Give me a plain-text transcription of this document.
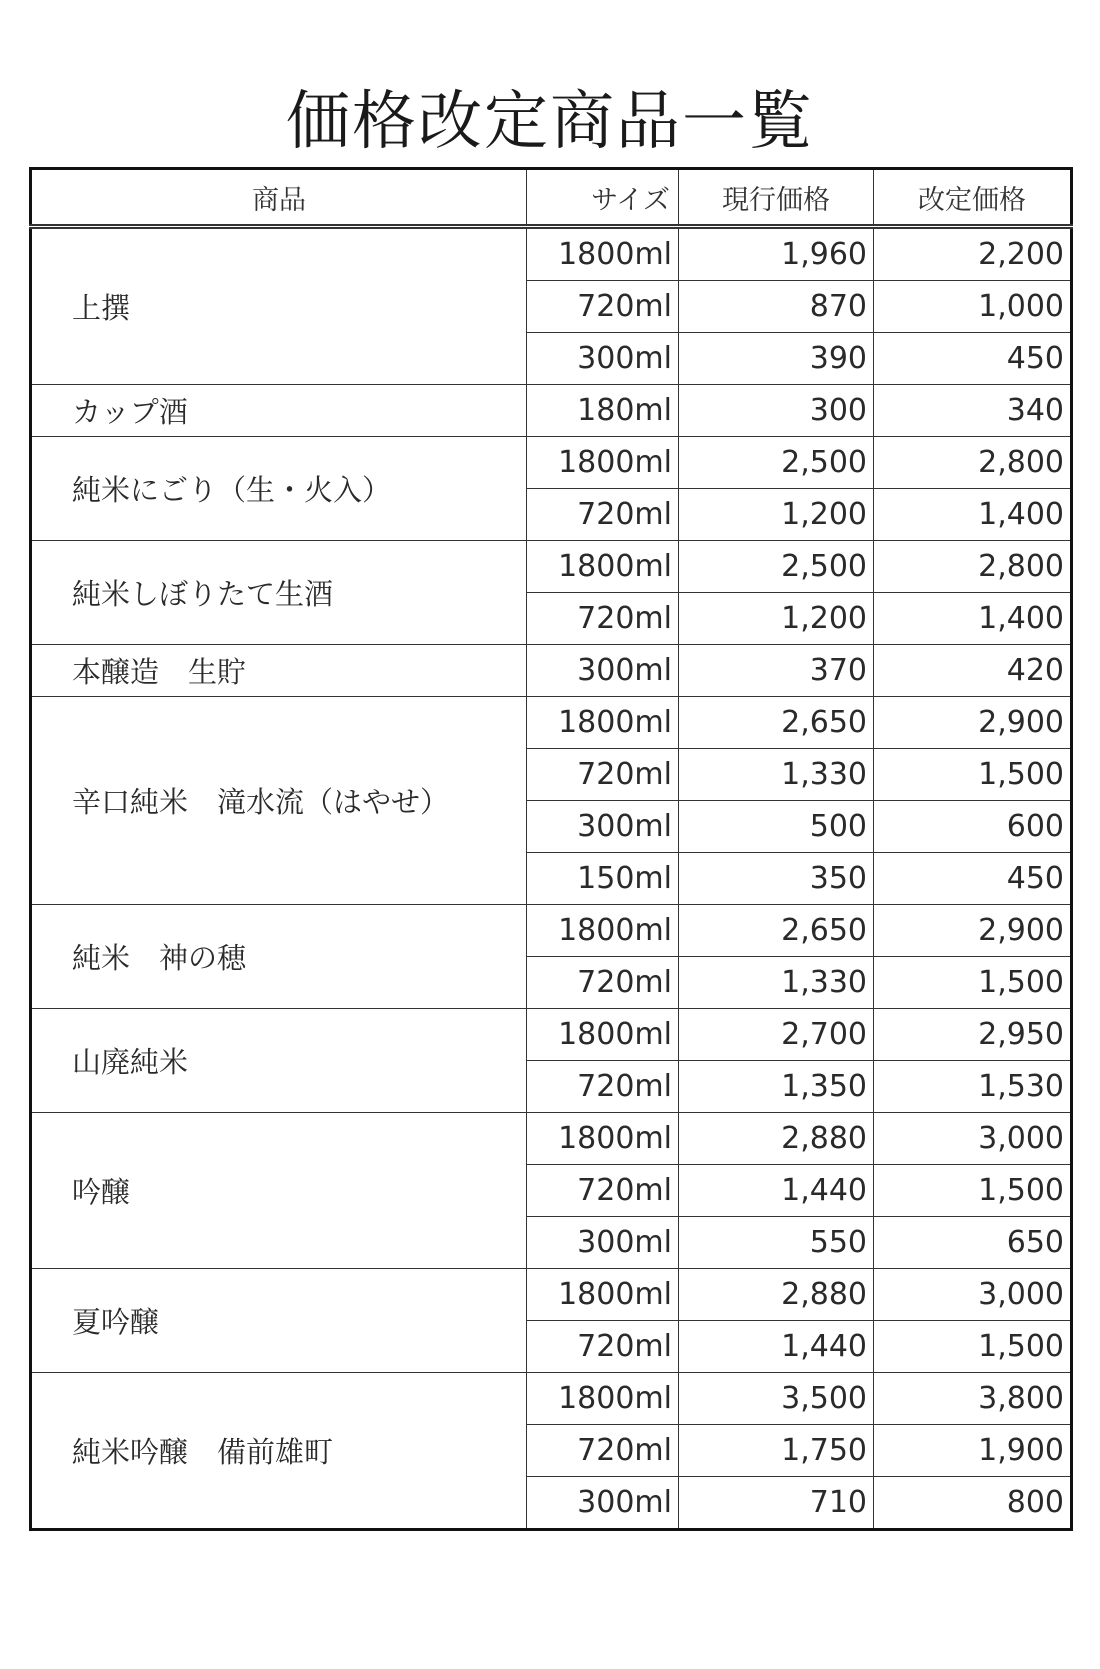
価格改定商品一覧
商品	サイズ	現行価格	改定価格
上撰	1800ml	1,960	2,200
	720ml	870	1,000
	300ml	390	450
カップ酒	180ml	300	340
純米にごり（生・火入）	1800ml	2,500	2,800
	720ml	1,200	1,400
純米しぼりたて生酒	1800ml	2,500	2,800
	720ml	1,200	1,400
本醸造　生貯	300ml	370	420
辛口純米　滝水流（はやせ）	1800ml	2,650	2,900
	720ml	1,330	1,500
	300ml	500	600
	150ml	350	450
純米　神の穂	1800ml	2,650	2,900
	720ml	1,330	1,500
山廃純米	1800ml	2,700	2,950
	720ml	1,350	1,530
吟醸	1800ml	2,880	3,000
	720ml	1,440	1,500
	300ml	550	650
夏吟醸	1800ml	2,880	3,000
	720ml	1,440	1,500
純米吟醸　備前雄町	1800ml	3,500	3,800
	720ml	1,750	1,900
	300ml	710	800
